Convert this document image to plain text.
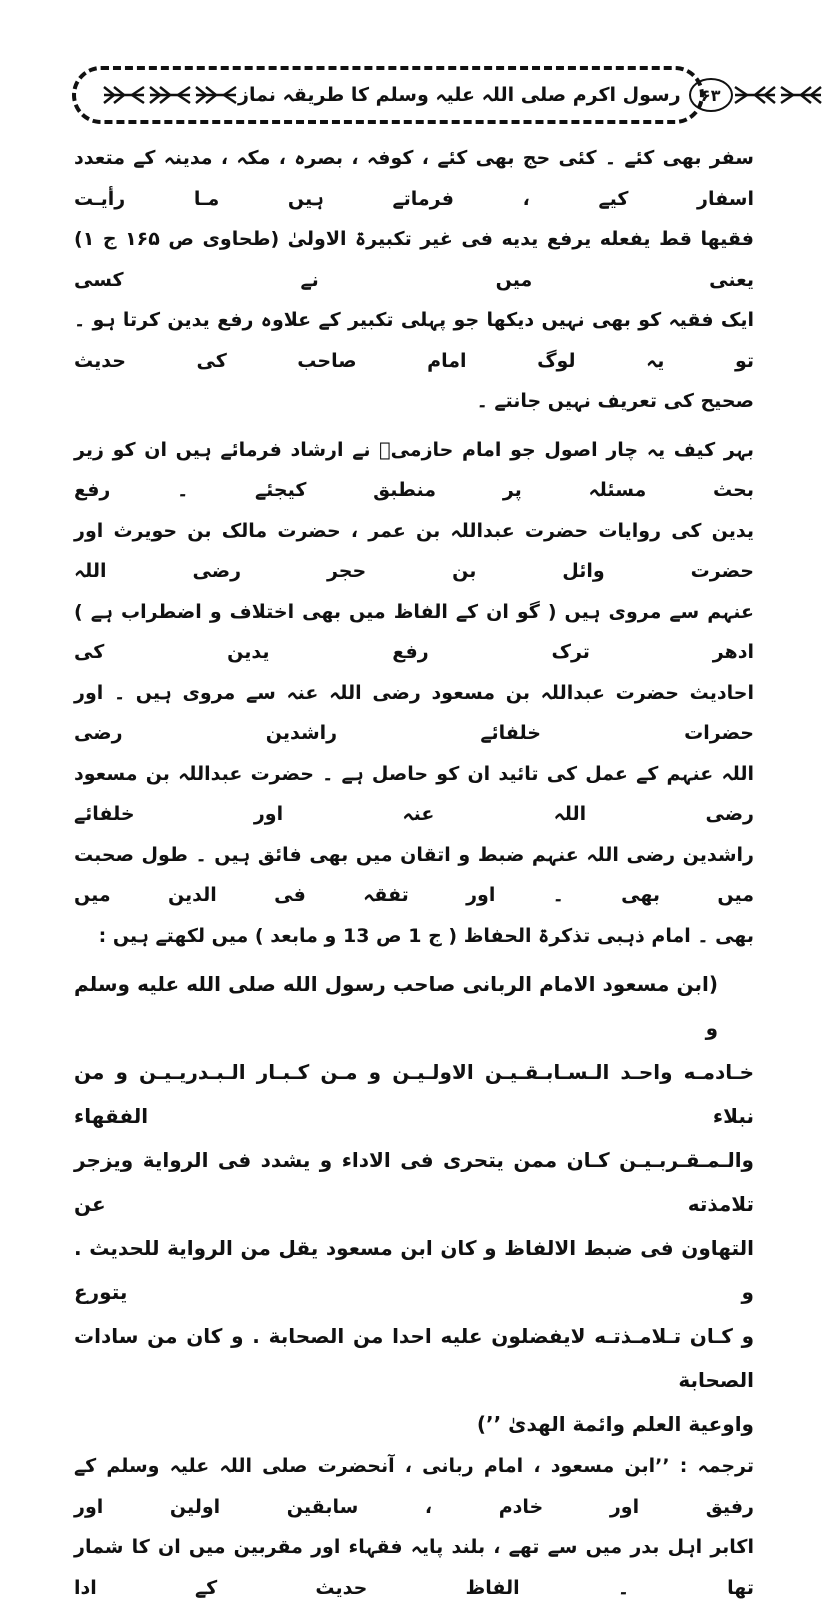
۶۳
رسول اکرم صلی اللہ علیہ وسلم کا طریقہ نماز

سفر بھی کئے ۔ کئی حج بھی کئے ، کوفہ ، بصرہ ، مکہ ، مدینہ کے متعدد اسفار کیے ، فرماتے ہیں مـا رأیـت
فقیھا قط یفعله یرفع یدیه فی غیر تکبیرۃ الاولیٰ (طحاوی ص ۱۶۵ ج ۱) یعنی میں نے کسی
ایک فقیہ کو بھی نہیں دیکھا جو پہلی تکبیر کے علاوہ رفع یدین کرتا ہو ۔ تو یہ لوگ امام صاحب کی حدیث
صحیح کی تعریف نہیں جانتے ۔

بہر کیف یہ چار اصول جو امام حازمیؒ نے ارشاد فرمائے ہیں ان کو زیر بحث مسئلہ پر منطبق کیجئے ۔ رفع
یدین کی روایات حضرت عبداللہ بن عمر ، حضرت مالک بن حویرث اور حضرت وائل بن حجر رضی اللہ
عنہم سے مروی ہیں ( گو ان کے الفاظ میں بھی اختلاف و اضطراب ہے ) ادھر ترک رفع یدین کی
احادیث حضرت عبداللہ بن مسعود رضی اللہ عنہ سے مروی ہیں ۔ اور حضرات خلفائے راشدین رضی
اللہ عنہم کے عمل کی تائید ان کو حاصل ہے ۔ حضرت عبداللہ بن مسعود رضی اللہ عنہ اور خلفائے
راشدین رضی اللہ عنہم ضبط و اتقان میں بھی فائق ہیں ۔ طول صحبت میں بھی ۔ اور تفقہ فی الدین میں
بھی ۔ امام ذہبی تذکرۃ الحفاظ ( ج 1 ص 13 و مابعد ) میں لکھتے ہیں :

(ابن مسعود الامام الربانی صاحب رسول الله صلی الله علیه وسلم و
خـادمـه واحـد الـسـابـقـیـن الاولـیـن و مـن کـبـار الـبـدریـیـن و من نبلاء الفقهاء
والـمـقـربـیـن کـان ممن یتحری فی الاداء و یشدد فی الروایة ویزجر تلامذته عن
التهاون فی ضبط الالفاظ و کان ابن مسعود یقل من الروایة للحدیث . و یتورع
و کـان تـلامـذتـه لایفضلون علیه احدا من الصحابة . و کان من سادات الصحابة
واوعیة العلم وائمة الهدیٰ ’’)

ترجمہ : ’’ابن مسعود ، امام ربانی ، آنحضرت صلی اللہ علیہ وسلم کے رفیق اور خادم ، سابقین اولین اور
اکابر اہل بدر میں سے تھے ، بلند پایہ فقہاء اور مقربین میں ان کا شمار تھا ۔ الفاظ حدیث کے ادا
